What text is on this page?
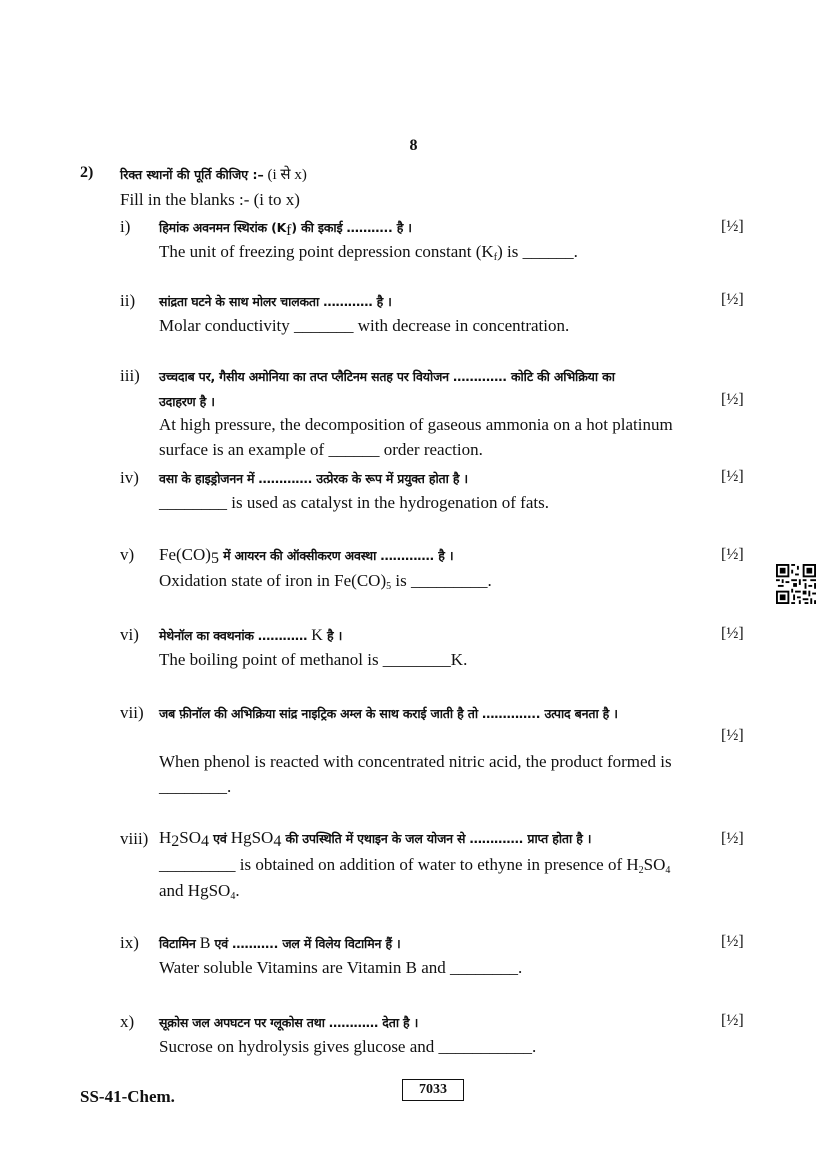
8
2) रिक्त स्थानों की पूर्ति कीजिए :– (i से x)
Fill in the blanks :- (i to x)
i) हिमांक अवनमन स्थिरांक $(K_f)$ की इकाई ……….. है ।	[½]
The unit of freezing point depression constant $(K_f)$ is ______.
ii) सांद्रता घटने के साथ मोलर चालकता ………… है ।	[½]
Molar conductivity _______ with decrease in concentration.
iii) उच्चदाब पर, गैसीय अमोनिया का तप्त प्लैटिनम सतह पर वियोजन …………. कोटि की अभिक्रिया का
उदाहरण है ।	[½]
At high pressure, the decomposition of gaseous ammonia on a hot platinum
surface is an example of ______ order reaction.
iv) वसा के हाइड्रोजनन में …………. उत्प्रेरक के रूप में प्रयुक्त होता है ।	[½]
________ is used as catalyst in the hydrogenation of fats.
v) $Fe(CO)_5$ में आयरन की ऑक्सीकरण अवस्था …………. है ।	[½]
Oxidation state of iron in $Fe(CO)_5$ is _________.
vi) मेथेनॉल का क्वथनांक ………… K है ।	[½]
The boiling point of methanol is ________K.
vii) जब फ़ीनॉल की अभिक्रिया सांद्र नाइट्रिक अम्ल के साथ कराई जाती है तो ………….. उत्पाद बनता है ।
[½]
When phenol is reacted with concentrated nitric acid, the product formed is
________.
viii) $H_2SO_4$ एवं HgSO$_4$ की उपस्थिति में एथाइन के जल योजन से …………. प्राप्त होता है ।	[½]
_________ is obtained on addition of water to ethyne in presence of $H_2SO_4$
and HgSO$_4$.
ix) विटामिन B एवं ……….. जल में विलेय विटामिन हैं ।	[½]
Water soluble Vitamins are Vitamin B and ________.
x) सूक्रोस जल अपघटन पर ग्लूकोस तथा ………… देता है ।	[½]
Sucrose on hydrolysis gives glucose and ___________.
SS-41-Chem.	7033
